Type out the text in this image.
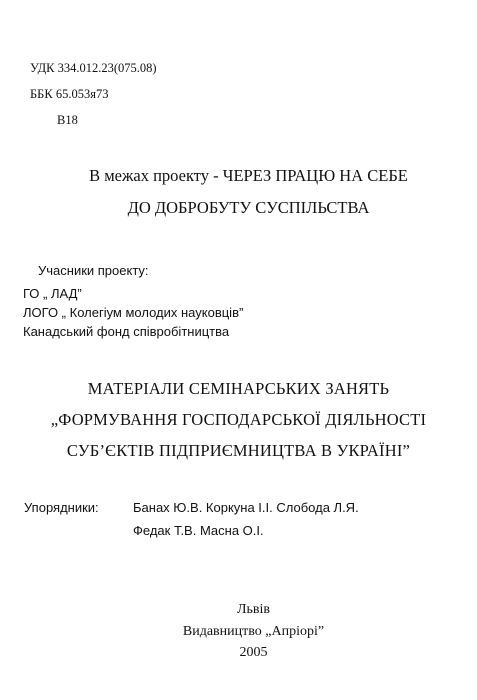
УДК 334.012.23(075.08)
ББК 65.053я73
В18
В межах проекту - ЧЕРЕЗ ПРАЦЮ НА СЕБЕ
ДО ДОБРОБУТУ СУСПІЛЬСТВА
Учасники проекту:
ГО „ ЛАД”
ЛОГО „ Колегіум молодих науковців”
Канадський фонд співробітництва
МАТЕРІАЛИ СЕМІНАРСЬКИХ ЗАНЯТЬ
„ФОРМУВАННЯ ГОСПОДАРСЬКОЇ ДІЯЛЬНОСТІ
СУБ’ЄКТІВ ПІДПРИЄМНИЦТВА В УКРАЇНІ”
Упорядники:	Банах Ю.В. Коркуна І.І. Слобода Л.Я.
Федак Т.В. Масна О.І.
Львів
Видавництво „Апріорі”
2005
